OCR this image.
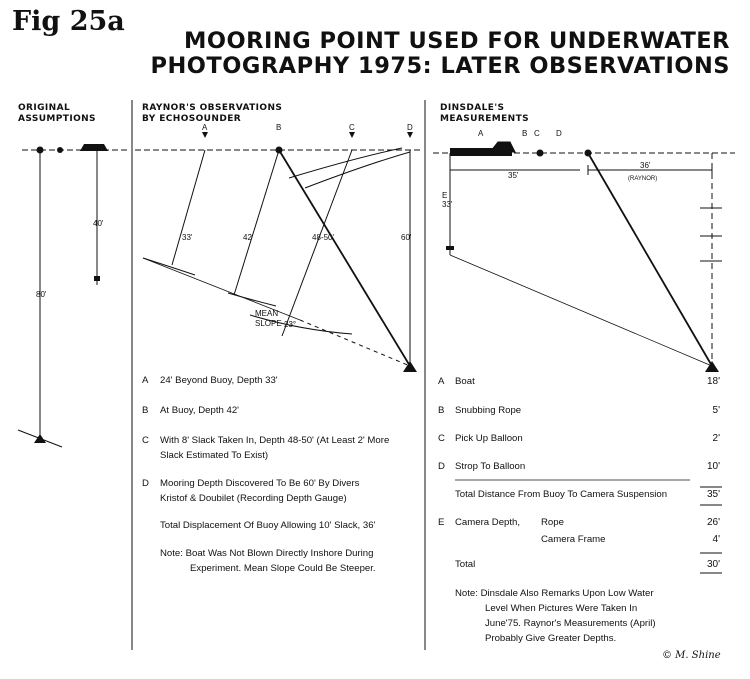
Fig 25a
MOORING POINT USED FOR UNDERWATER
PHOTOGRAPHY 1975: LATER OBSERVATIONS
40'
80'
A	B	C	D
33'	42'	48-50'	60'
MEAN
SLOPE 23°
A	B C D
E
35'
36'
(RAYNOR)
33'
ORIGINAL
ASSUMPTIONS
RAYNOR'S OBSERVATIONS
BY ECHOSOUNDER
DINSDALE'S
MEASUREMENTS
A	24' Beyond Buoy, Depth 33'
B	At Buoy, Depth 42'
C	With 8' Slack Taken In, Depth 48-50' (At Least 2' More
Slack Estimated To Exist)
D	Mooring Depth Discovered To Be 60' By Divers
Kristof & Doubilet (Recording Depth Gauge)
Total Displacement Of Buoy Allowing 10' Slack, 36'
Note: Boat Was Not Blown Directly Inshore During
Experiment. Mean Slope Could Be Steeper.
A	Boat	18'
B	Snubbing Rope	5'
C	Pick Up Balloon	2'
D	Strop To Balloon	10'
Total Distance From Buoy To Camera Suspension	35'
E	Camera Depth, Rope	26'
Camera Frame	4'
Total	30'
Note: Dinsdale Also Remarks Upon Low Water
Level When Pictures Were Taken In
June'75. Raynor's Measurements (April)
Probably Give Greater Depths.
© M. Shine
